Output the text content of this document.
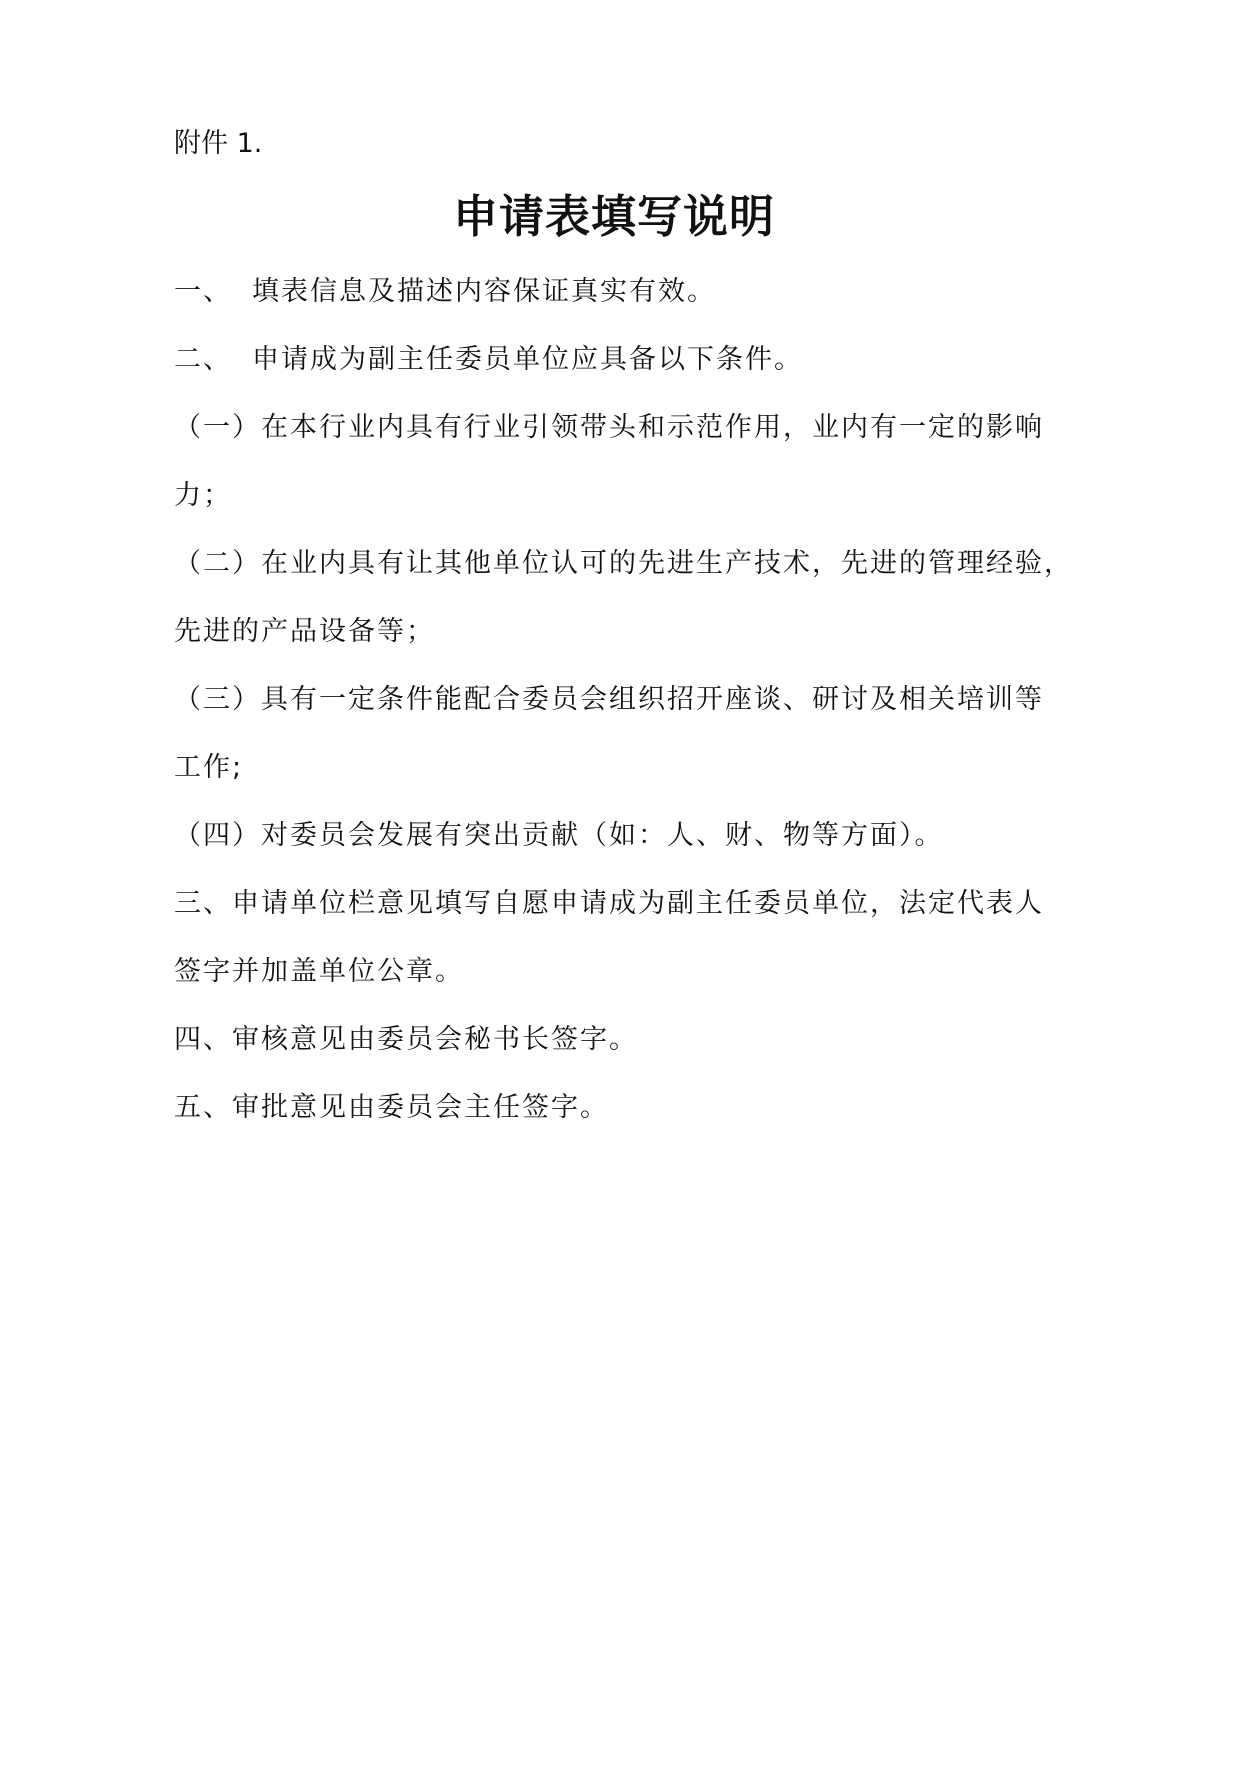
附件 1.
申请表填写说明
一、 填表信息及描述内容保证真实有效。
二、 申请成为副主任委员单位应具备以下条件。
（一）在本行业内具有行业引领带头和示范作用，业内有一定的影响
力；
（二）在业内具有让其他单位认可的先进生产技术，先进的管理经验，
先进的产品设备等；
（三）具有一定条件能配合委员会组织招开座谈、研讨及相关培训等
工作;
（四）对委员会发展有突出贡献（如：人、财、物等方面）。
三、申请单位栏意见填写自愿申请成为副主任委员单位，法定代表人
签字并加盖单位公章。
四、审核意见由委员会秘书长签字。
五、审批意见由委员会主任签字。
